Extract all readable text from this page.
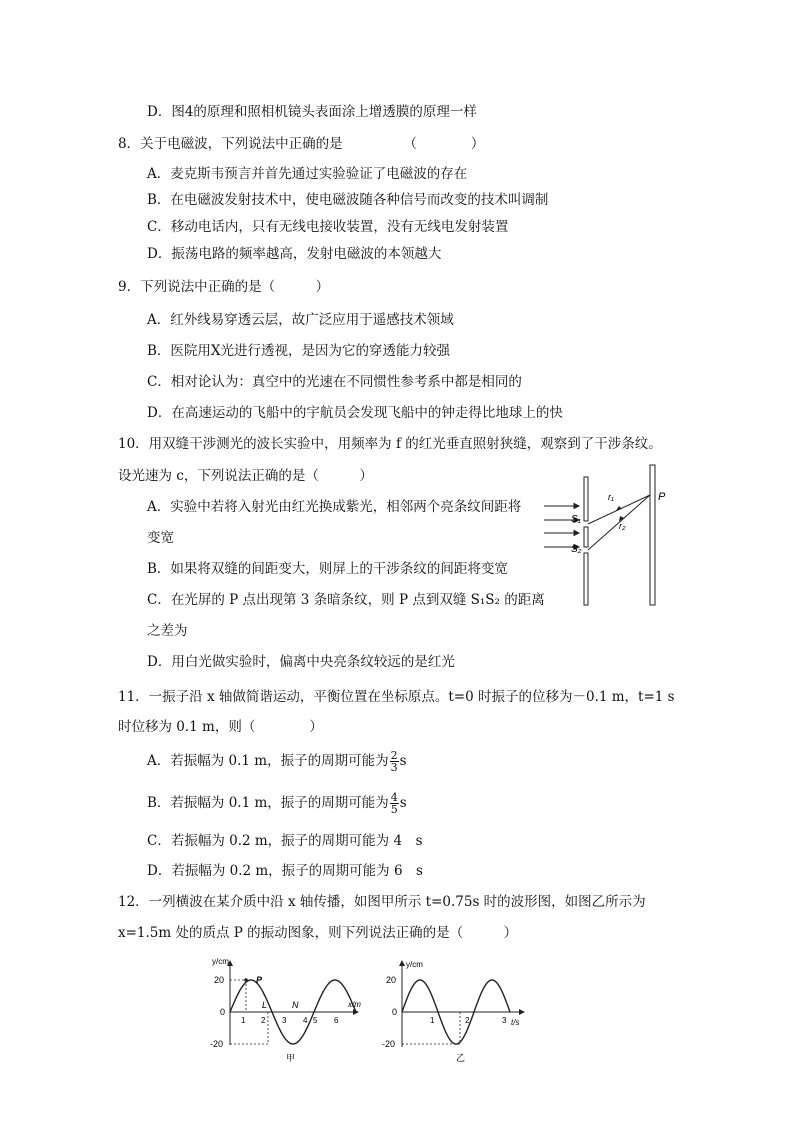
D．图4的原理和照相机镜头表面涂上增透膜的原理一样
8．关于电磁波，下列说法中正确的是　　　　　（　　　　）
A．麦克斯韦预言并首先通过实验验证了电磁波的存在
B．在电磁波发射技术中，使电磁波随各种信号而改变的技术叫调制
C．移动电话内，只有无线电接收装置，没有无线电发射装置
D．振荡电路的频率越高，发射电磁波的本领越大
9．下列说法中正确的是（　　　）
A．红外线易穿透云层，故广泛应用于遥感技术领域
B．医院用X光进行透视，是因为它的穿透能力较强
C．相对论认为：真空中的光速在不同惯性参考系中都是相同的
D．在高速运动的飞船中的宇航员会发现飞船中的钟走得比地球上的快
10．用双缝干涉测光的波长实验中，用频率为 f 的红光垂直照射狭缝，观察到了干涉条纹。
设光速为 c，下列说法正确的是（　　　）
A．实验中若将入射光由红光换成紫光，相邻两个亮条纹间距将
变宽
B．如果将双缝的间距变大，则屏上的干涉条纹的间距将变宽
C．在光屏的 P 点出现第 3 条暗条纹，则 P 点到双缝 S₁S₂ 的距离
之差为
D．用白光做实验时，偏离中央亮条纹较远的是红光
S₁
S₂
P
r₁
r₂
11．一振子沿 x 轴做简谐运动，平衡位置在坐标原点。t=0 时振子的位移为－0.1 m，t=1 s
时位移为 0.1 m，则（　　　　）
A．若振幅为 0.1 m，振子的周期可能为 $\frac{2}{3}$ s
B．若振幅为 0.1 m，振子的周期可能为 $\frac{4}{5}$ s
C．若振幅为 0.2 m，振子的周期可能为 4　s
D．若振幅为 0.2 m，振子的周期可能为 6　s
12．一列横波在某介质中沿 x 轴传播，如图甲所示 t=0.75s 时的波形图，如图乙所示为
x=1.5m 处的质点 P 的振动图象，则下列说法正确的是（　　　）
y/cm
x/m
20
0
-20
1 2 3 4 5 6
P
L	N
甲
y/cm
t/s
20
0
-20
1	2	3
乙
